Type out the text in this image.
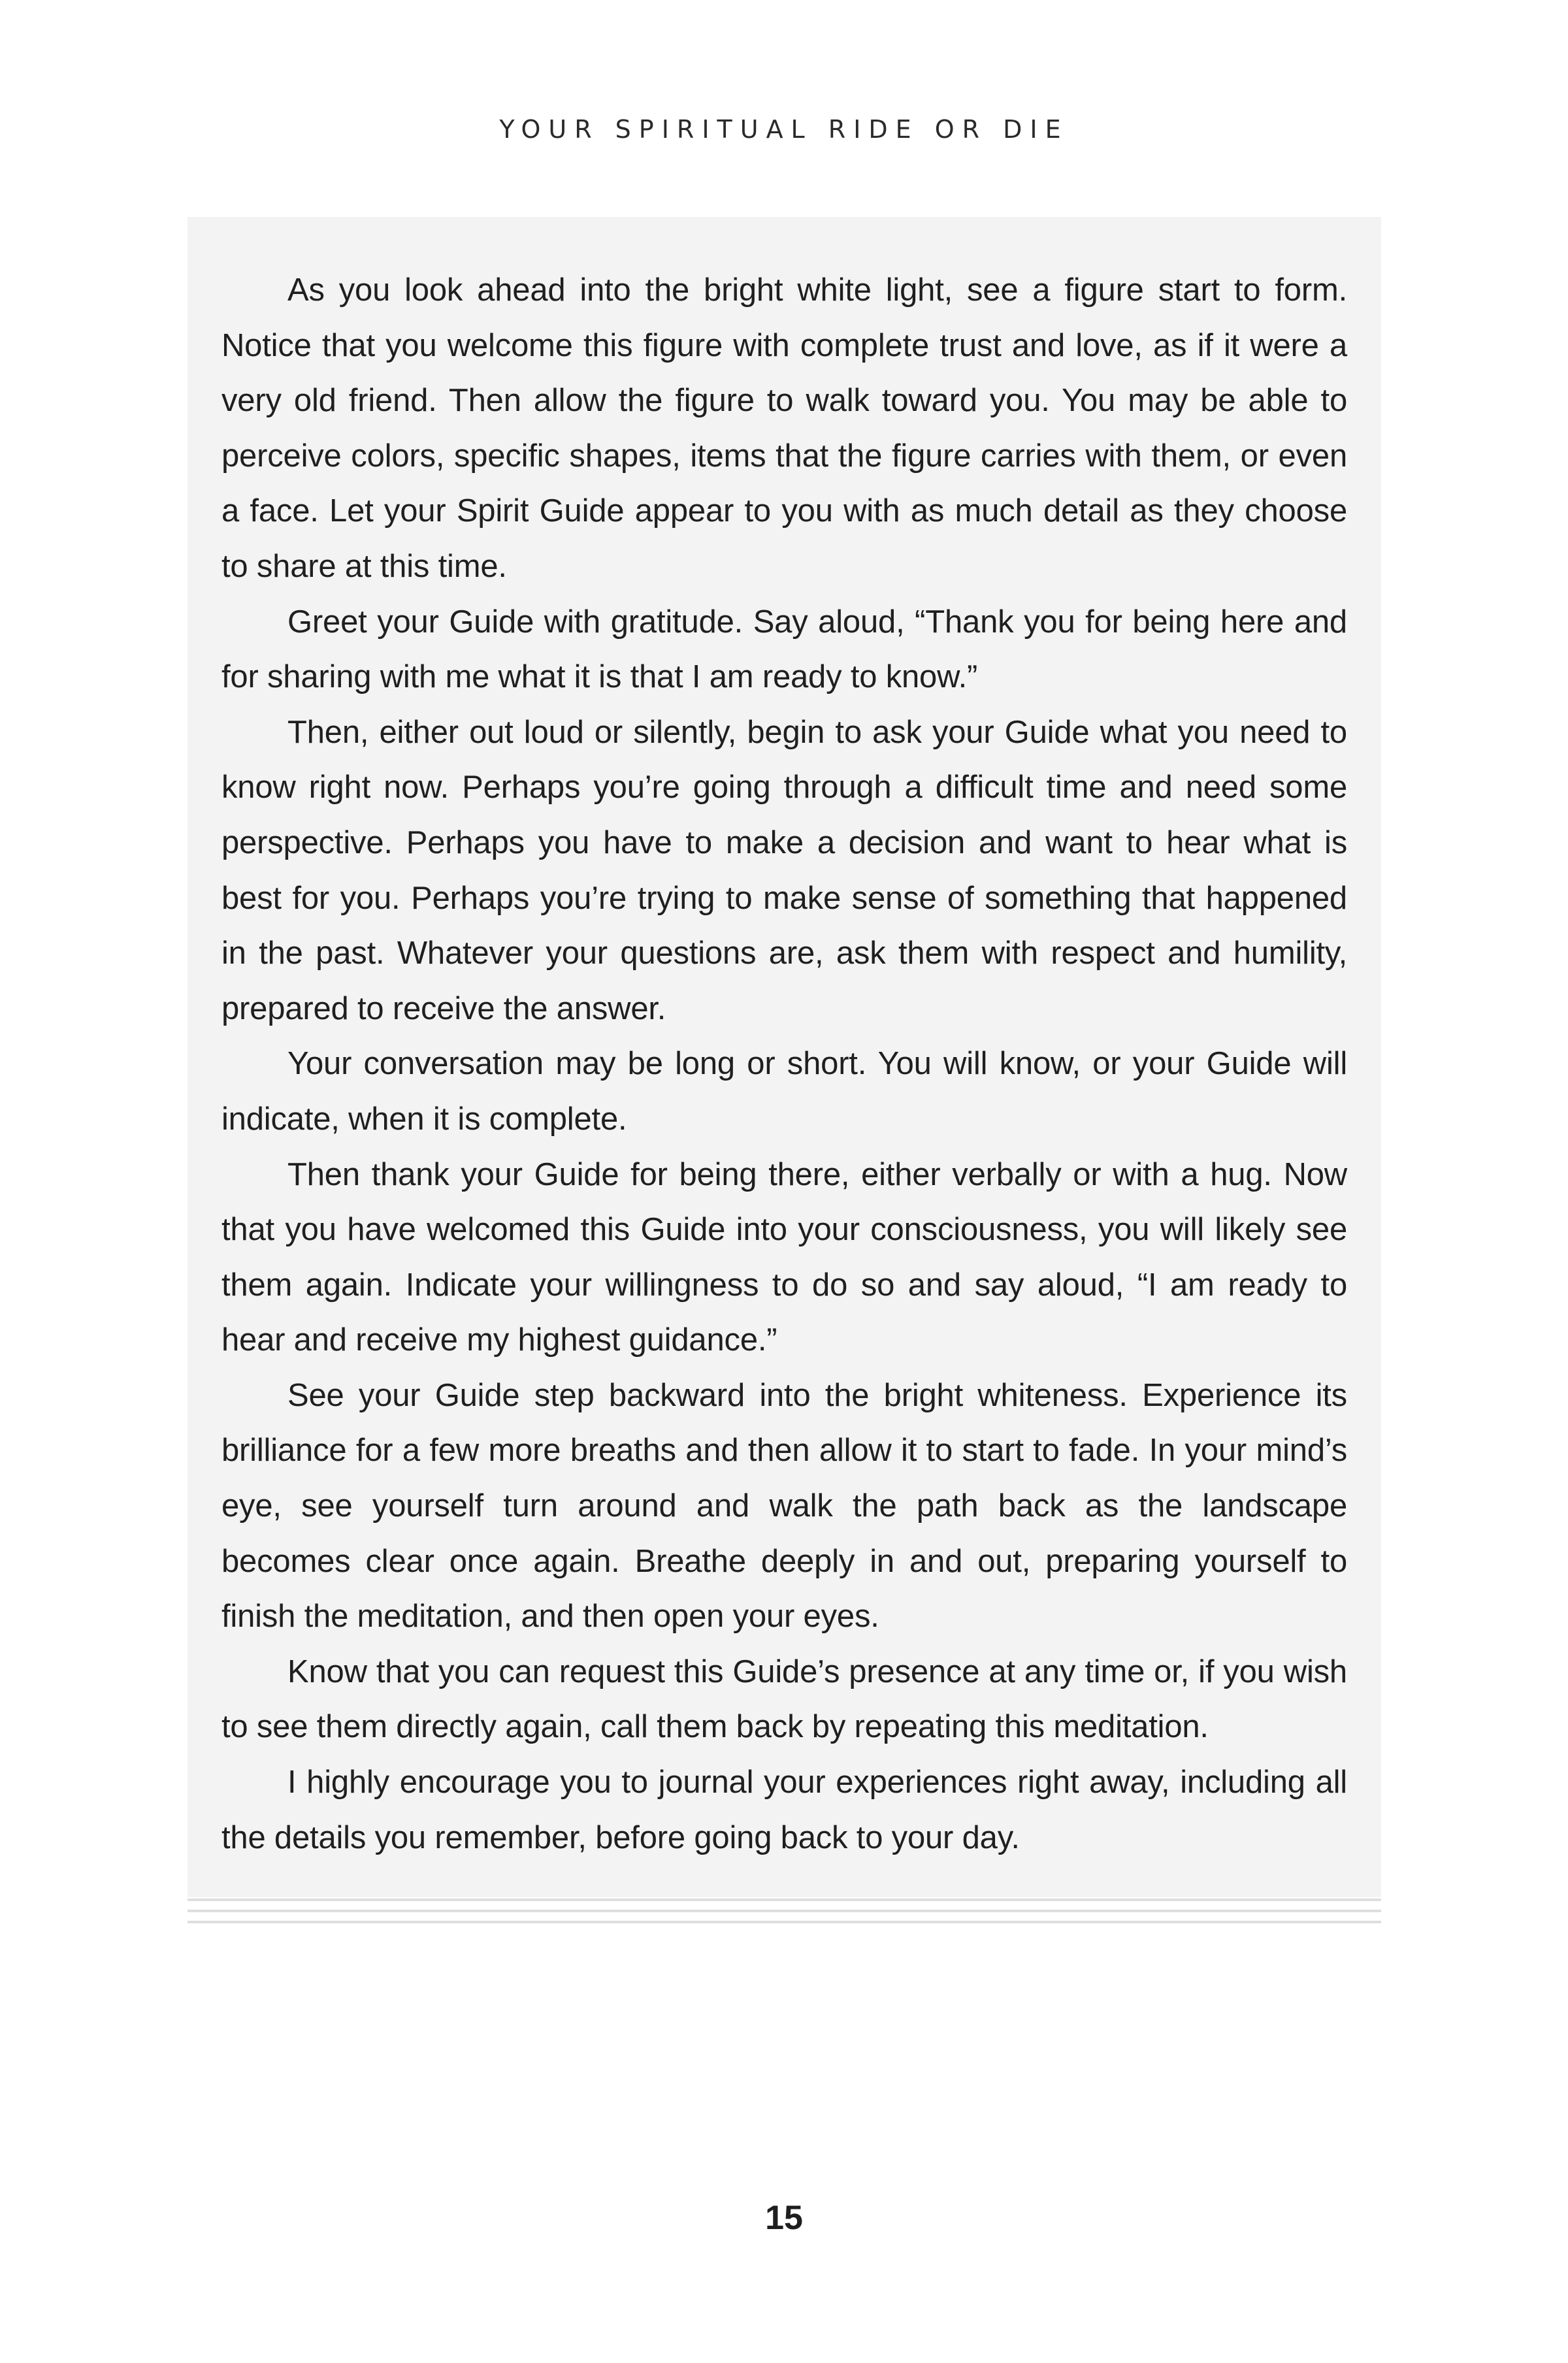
YOUR SPIRITUAL RIDE OR DIE

As you look ahead into the bright white light, see a figure start to form. Notice that you welcome this figure with complete trust and love, as if it were a very old friend. Then allow the figure to walk toward you. You may be able to perceive colors, specific shapes, items that the figure carries with them, or even a face. Let your Spirit Guide appear to you with as much detail as they choose to share at this time.

Greet your Guide with gratitude. Say aloud, “Thank you for being here and for sharing with me what it is that I am ready to know.”

Then, either out loud or silently, begin to ask your Guide what you need to know right now. Perhaps you’re going through a difficult time and need some perspective. Perhaps you have to make a decision and want to hear what is best for you. Perhaps you’re trying to make sense of something that happened in the past. Whatever your questions are, ask them with respect and humility, prepared to receive the answer.

Your conversation may be long or short. You will know, or your Guide will indicate, when it is complete.

Then thank your Guide for being there, either verbally or with a hug. Now that you have welcomed this Guide into your consciousness, you will likely see them again. Indicate your willingness to do so and say aloud, “I am ready to hear and receive my highest guidance.”

See your Guide step backward into the bright whiteness. Experience its brilliance for a few more breaths and then allow it to start to fade. In your mind’s eye, see yourself turn around and walk the path back as the landscape becomes clear once again. Breathe deeply in and out, preparing yourself to finish the meditation, and then open your eyes.

Know that you can request this Guide’s presence at any time or, if you wish to see them directly again, call them back by repeating this meditation.

I highly encourage you to journal your experiences right away, including all the details you remember, before going back to your day.

15
